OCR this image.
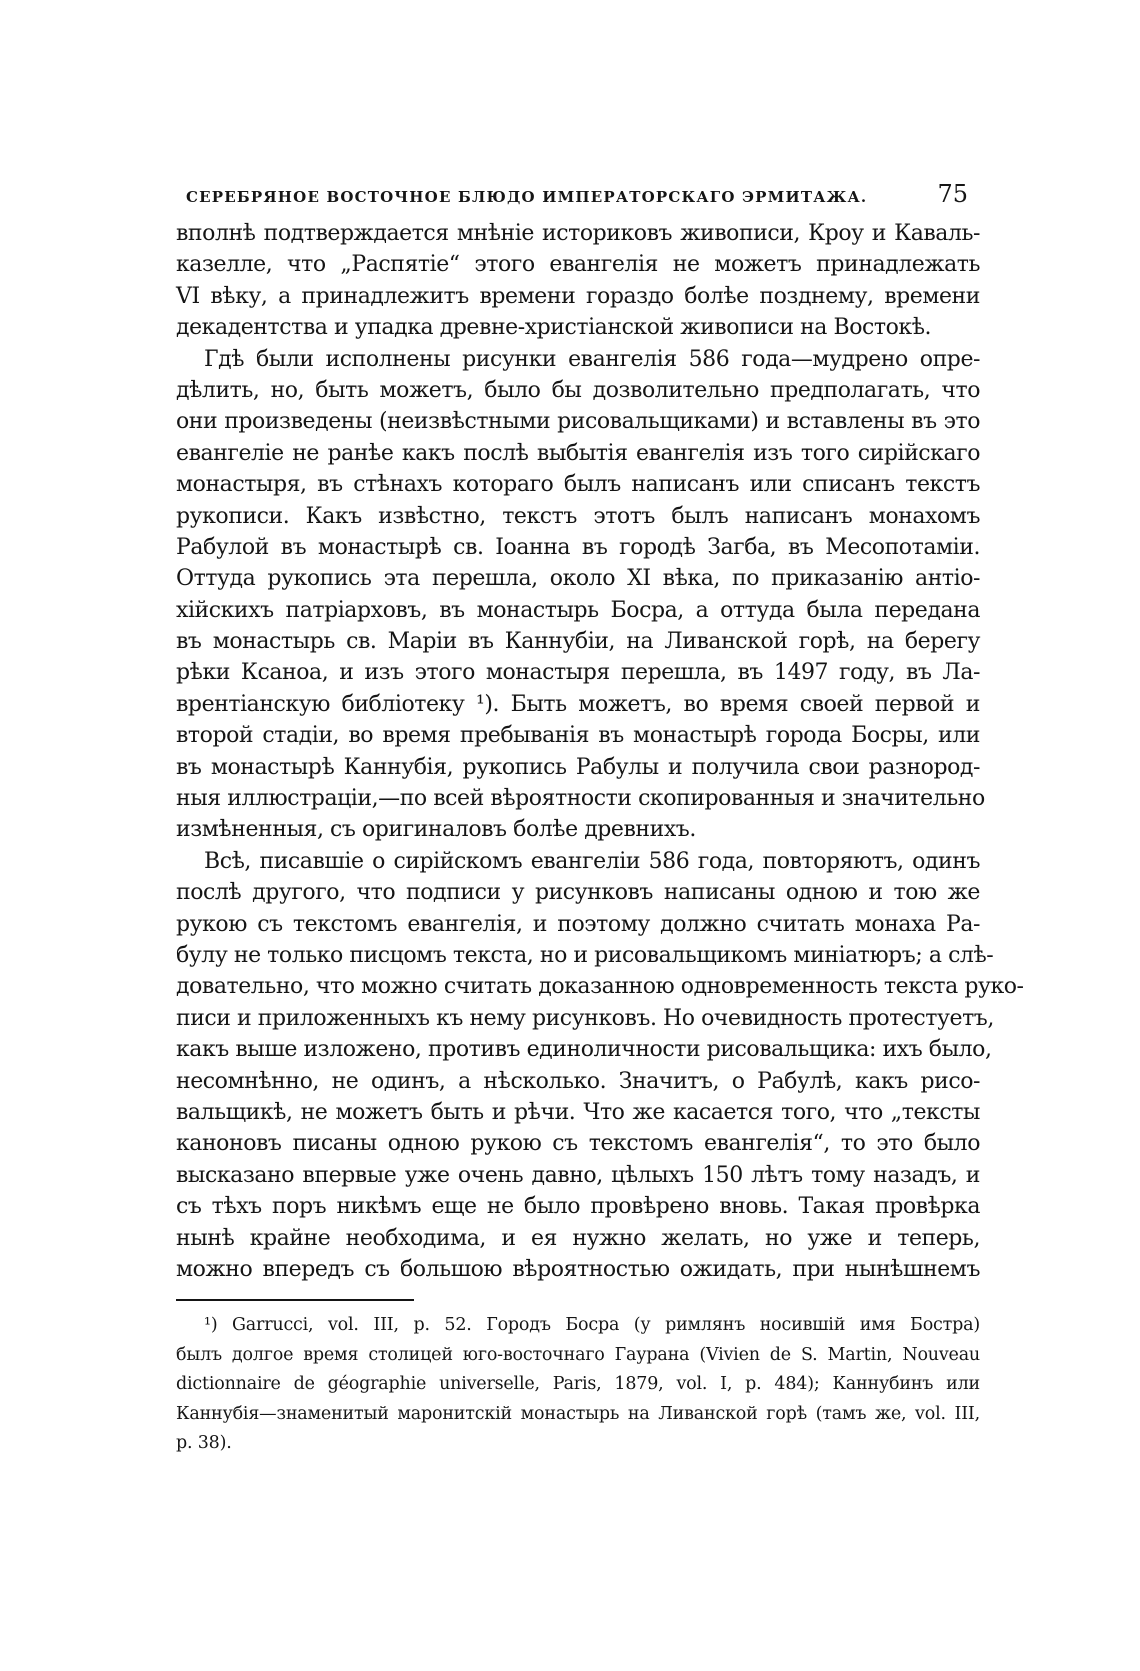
СЕРЕБРЯНОЕ ВОСТОЧНОЕ БЛЮДО ИМПЕРАТОРСКАГО ЭРМИТАЖА.	75
вполнѣ подтверждается мнѣніе историковъ живописи, Кроу и Каваль-
казелле, что „Распятіе“ этого евангелія не можетъ принадлежать
VI вѣку, а принадлежитъ времени гораздо болѣе позднему, времени
декадентства и упадка древне-христіанской живописи на Востокѣ.
Гдѣ были исполнены рисунки евангелія 586 года—мудрено опре-
дѣлить, но, быть можетъ, было бы дозволительно предполагать, что
они произведены (неизвѣстными рисовальщиками) и вставлены въ это
евангеліе не ранѣе какъ послѣ выбытія евангелія изъ того сирійскаго
монастыря, въ стѣнахъ котораго былъ написанъ или списанъ текстъ
рукописи. Какъ извѣстно, текстъ этотъ былъ написанъ монахомъ
Рабулой въ монастырѣ св. Іоанна въ городѣ Загба, въ Месопотаміи.
Оттуда рукопись эта перешла, около XI вѣка, по приказанію антіо-
хійскихъ патріарховъ, въ монастырь Босра, а оттуда была передана
въ монастырь св. Маріи въ Каннубіи, на Ливанской горѣ, на берегу
рѣки Ксаноа, и изъ этого монастыря перешла, въ 1497 году, въ Ла-
врентіанскую библіотеку ¹). Быть можетъ, во время своей первой и
второй стадіи, во время пребыванія въ монастырѣ города Босры, или
въ монастырѣ Каннубія, рукопись Рабулы и получила свои разнород-
ныя иллюстраціи,—по всей вѣроятности скопированныя и значительно
измѣненныя, съ оригиналовъ болѣе древнихъ.
Всѣ, писавшіе о сирійскомъ евангеліи 586 года, повторяютъ, одинъ
послѣ другого, что подписи у рисунковъ написаны одною и тою же
рукою съ текстомъ евангелія, и поэтому должно считать монаха Ра-
булу не только писцомъ текста, но и рисовальщикомъ миніатюръ; а слѣ-
довательно, что можно считать доказанною одновременность текста руко-
писи и приложенныхъ къ нему рисунковъ. Но очевидность протестуетъ,
какъ выше изложено, противъ единоличности рисовальщика: ихъ было,
несомнѣнно, не одинъ, а нѣсколько. Значитъ, о Рабулѣ, какъ рисо-
вальщикѣ, не можетъ быть и рѣчи. Что же касается того, что „тексты
каноновъ писаны одною рукою съ текстомъ евангелія“, то это было
высказано впервые уже очень давно, цѣлыхъ 150 лѣтъ тому назадъ, и
съ тѣхъ поръ никѣмъ еще не было провѣрено вновь. Такая провѣрка
нынѣ крайне необходима, и ея нужно желать, но уже и теперь,
можно впередъ съ большою вѣроятностью ожидать, при нынѣшнемъ
¹) Garrucci, vol. III, p. 52. Городъ Босра (у римлянъ носившій имя Бостра)
былъ долгое время столицей юго-восточнаго Гаурана (Vivien de S. Martin, Nouveau
dictionnaire de géographie universelle, Paris, 1879, vol. I, p. 484); Каннубинъ или
Каннубія—знаменитый маронитскій монастырь на Ливанской горѣ (тамъ же, vol. III,
p. 38).
